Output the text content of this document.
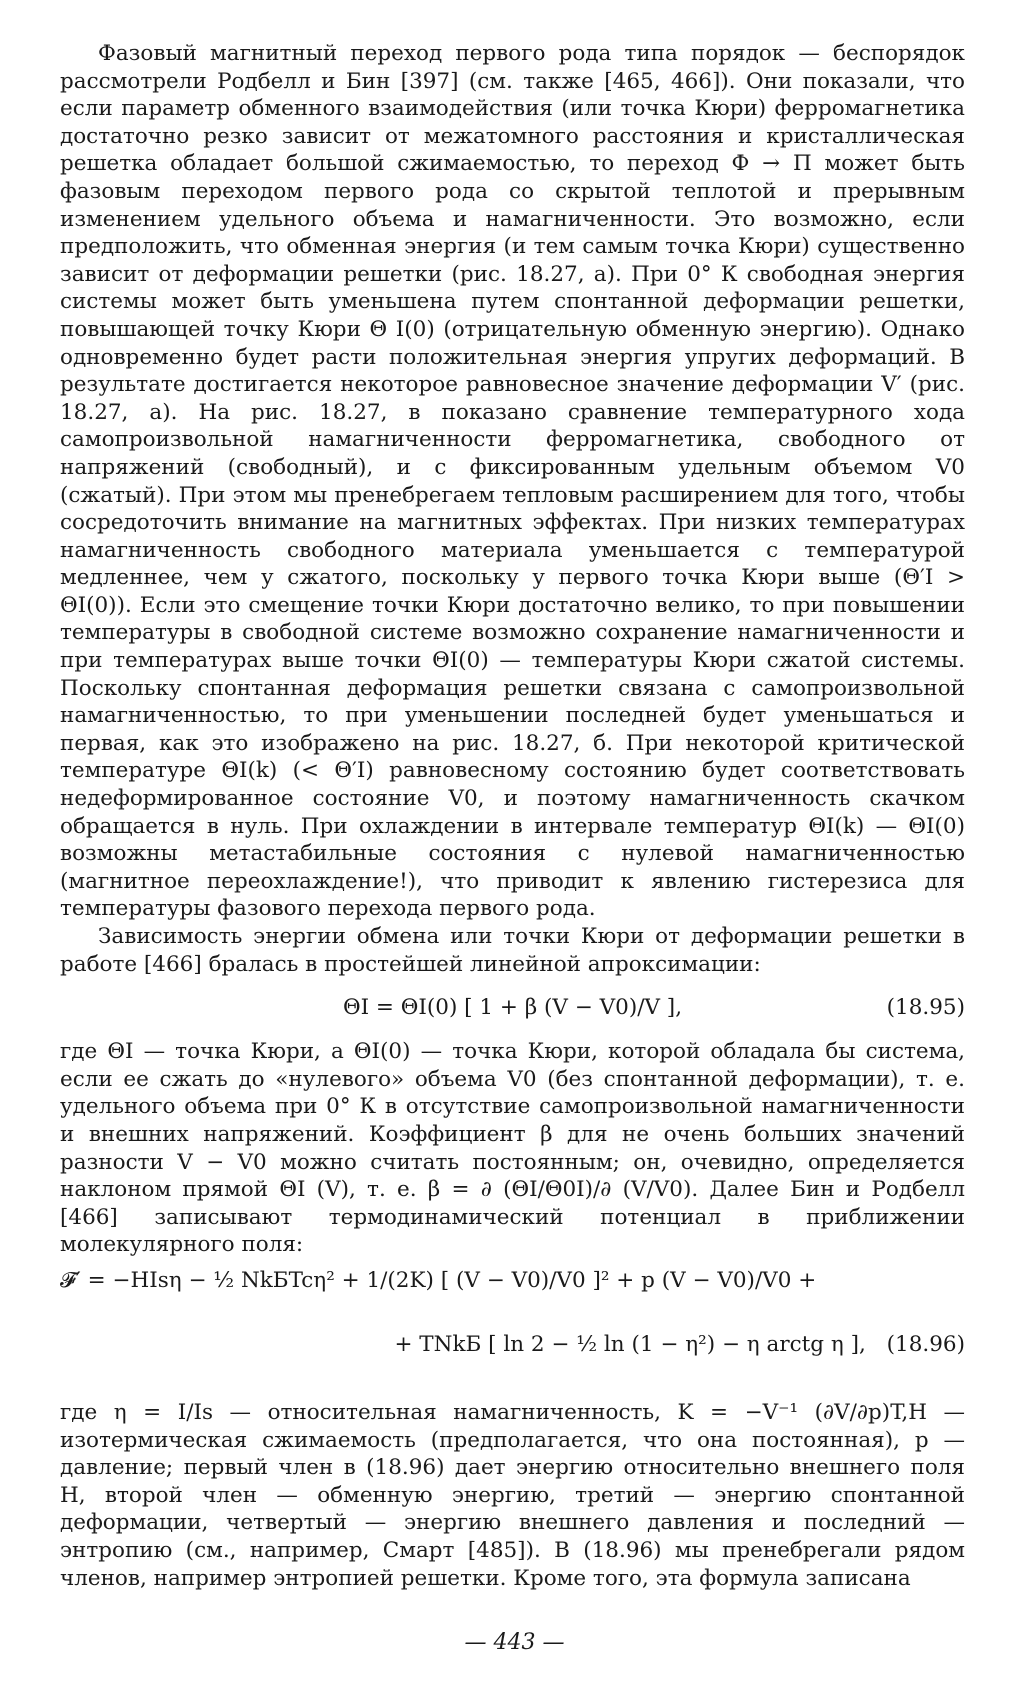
Фазовый магнитный переход первого рода типа порядок — беспорядок рассмотрели Родбелл и Бин [397] (см. также [465, 466]). Они показали, что если параметр обменного взаимодействия (или точка Кюри) ферромагнетика достаточно резко зависит от межатомного расстояния и кристаллическая решетка обладает большой сжимаемостью, то переход Ф → П может быть фазовым переходом первого рода со скрытой теплотой и прерывным изменением удельного объема и намагниченности. Это возможно, если предположить, что обменная энергия (и тем самым точка Кюри) существенно зависит от деформации решетки (рис. 18.27, а). При 0° К свободная энергия системы может быть уменьшена путем спонтанной деформации решетки, повышающей точку Кюри Θ I(0) (отрицательную обменную энергию). Однако одновременно будет расти положительная энергия упругих деформаций. В результате достигается некоторое равновесное значение деформации V′ (рис. 18.27, а). На рис. 18.27, в показано сравнение температурного хода самопроизвольной намагниченности ферромагнетика, свободного от напряжений (свободный), и с фиксированным удельным объемом V0 (сжатый). При этом мы пренебрегаем тепловым расширением для того, чтобы сосредоточить внимание на магнитных эффектах. При низких температурах намагниченность свободного материала уменьшается с температурой медленнее, чем у сжатого, поскольку у первого точка Кюри выше (Θ′I > ΘI(0)). Если это смещение точки Кюри достаточно велико, то при повышении температуры в свободной системе возможно сохранение намагниченности и при температурах выше точки ΘI(0) — температуры Кюри сжатой системы. Поскольку спонтанная деформация решетки связана с самопроизвольной намагниченностью, то при уменьшении последней будет уменьшаться и первая, как это изображено на рис. 18.27, б. При некоторой критической температуре ΘI(k) (< Θ′I) равновесному состоянию будет соответствовать недеформированное состояние V0, и поэтому намагниченность скачком обращается в нуль. При охлаждении в интервале температур ΘI(k) — ΘI(0) возможны метастабильные состояния с нулевой намагниченностью (магнитное переохлаждение!), что приводит к явлению гистерезиса для температуры фазового перехода первого рода.

Зависимость энергии обмена или точки Кюри от деформации решетки в работе [466] бралась в простейшей линейной апроксимации:

ΘI = ΘI(0) [ 1 + β (V − V0)/V ],	(18.95)

где ΘI — точка Кюри, а ΘI(0) — точка Кюри, которой обладала бы система, если ее сжать до «нулевого» объема V0 (без спонтанной деформации), т. е. удельного объема при 0° К в отсутствие самопроизвольной намагниченности и внешних напряжений. Коэффициент β для не очень больших значений разности V − V0 можно считать постоянным; он, очевидно, определяется наклоном прямой ΘI (V), т. е. β = ∂ (ΘI/Θ0I)/∂ (V/V0). Далее Бин и Родбелл [466] записывают термодинамический потенциал в приближении молекулярного поля:

𝓕′ = −HIsη − ½ NkБTcη² + 1/(2K) [ (V − V0)/V0 ]² + p (V − V0)/V0 +
+ TNkБ [ ln 2 − ½ ln (1 − η²) − η arctg η ], (18.96)

где η = I/Is — относительная намагниченность, K = −V⁻¹ (∂V/∂p)T,H — изотермическая сжимаемость (предполагается, что она постоянная), p — давление; первый член в (18.96) дает энергию относительно внешнего поля H, второй член — обменную энергию, третий — энергию спонтанной деформации, четвертый — энергию внешнего давления и последний — энтропию (см., например, Смарт [485]). В (18.96) мы пренебрегали рядом членов, например энтропией решетки. Кроме того, эта формула записана

— 443 —
